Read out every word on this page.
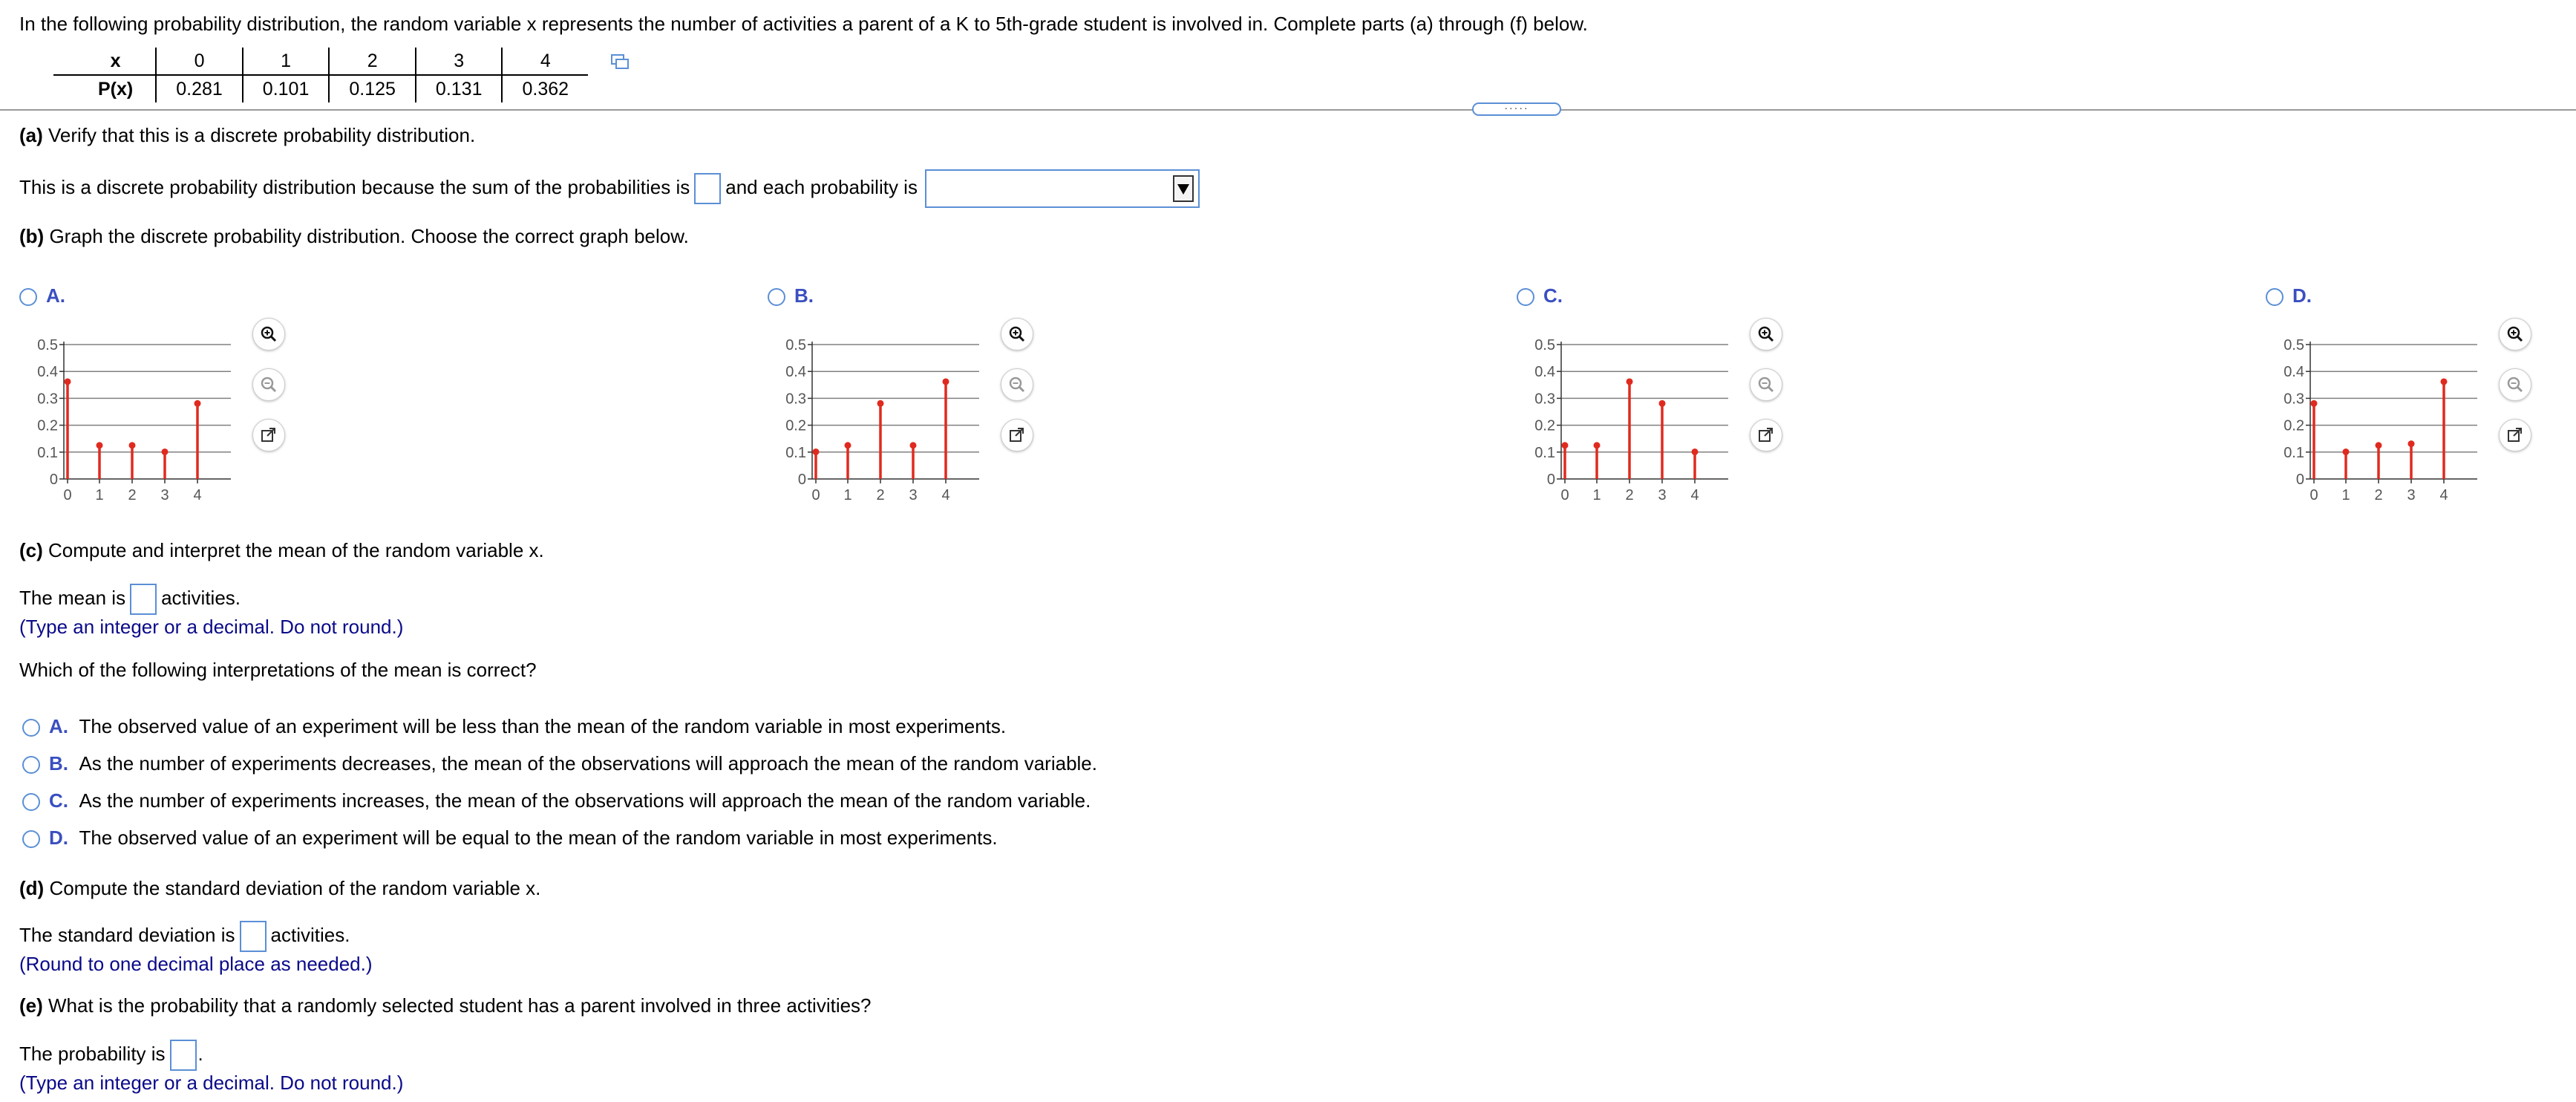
In the following probability distribution, the random variable x represents the number of activities a parent of a K to 5th-grade student is involved in. Complete parts (a) through (f) below.
x	0	1	2	3	4
P(x)	0.281	0.101	0.125	0.131	0.362
·····
(a) Verify that this is a discrete probability distribution.
This is a discrete probability distribution because the sum of the probabilities is and each probability is
(b) Graph the discrete probability distribution. Choose the correct graph below.
A.
0
0.1
0.2
0.3
0.4
0.5
0 1 2 3 4
B.
0
0.1
0.2
0.3
0.4
0.5
0 1 2 3 4
C.
0
0.1
0.2
0.3
0.4
0.5
0 1 2 3 4
D.
0
0.1
0.2
0.3
0.4
0.5
0 1 2 3 4
(c) Compute and interpret the mean of the random variable x.
The mean is activities.
(Type an integer or a decimal. Do not round.)
Which of the following interpretations of the mean is correct?
A. The observed value of an experiment will be less than the mean of the random variable in most experiments.
B. As the number of experiments decreases, the mean of the observations will approach the mean of the random variable.
C. As the number of experiments increases, the mean of the observations will approach the mean of the random variable.
D. The observed value of an experiment will be equal to the mean of the random variable in most experiments.
(d) Compute the standard deviation of the random variable x.
The standard deviation is activities.
(Round to one decimal place as needed.)
(e) What is the probability that a randomly selected student has a parent involved in three activities?
The probability is .
(Type an integer or a decimal. Do not round.)
